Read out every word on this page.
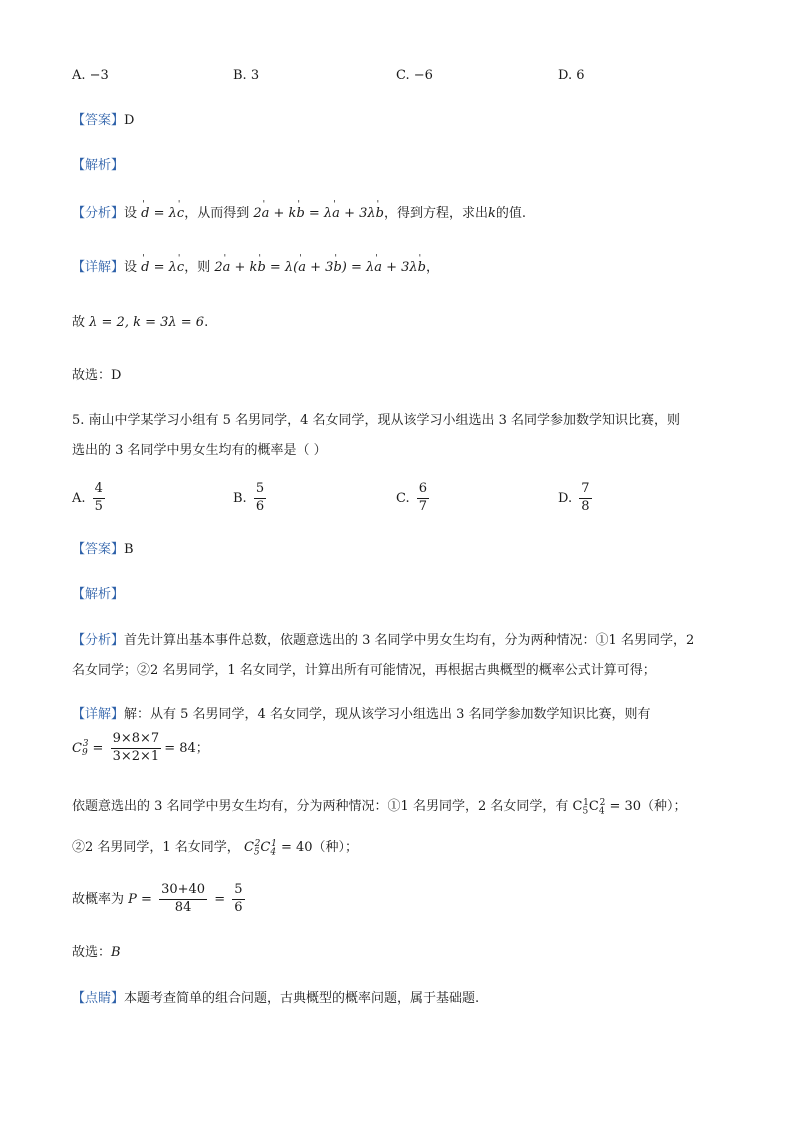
A. −3	B. 3	C. −6	D. 6
【答案】D
【解析】
【分析】设 ' d = λ' c，从而得到 2' a + k' b = λ' a + 3λ' b，得到方程，求出k的值.
【详解】设 ' d = λ' c，则 2' a + k' b = λ(' a + 3' b) = λ' a + 3λ' b，
故 λ = 2, k = 3λ = 6.
故选：D
5. 南山中学某学习小组有 5 名男同学，4 名女同学，现从该学习小组选出 3 名同学参加数学知识比赛，则
选出的 3 名同学中男女生均有的概率是（ ）
A. $\frac{4}{5}$	B. $\frac{5}{6}$	C. $\frac{6}{7}$	D. $\frac{7}{8}$
【答案】B
【解析】
【分析】首先计算出基本事件总数，依题意选出的 3 名同学中男女生均有，分为两种情况：①1 名男同学，2
名女同学；②2 名男同学，1 名女同学，计算出所有可能情况，再根据古典概型的概率公式计算可得；
【详解】解：从有 5 名男同学，4 名女同学，现从该学习小组选出 3 名同学参加数学知识比赛，则有
$C_9^3 = \frac{9\times 8\times 7}{3\times 2\times 1} = 84$；
依题意选出的 3 名同学中男女生均有，分为两种情况：①1 名男同学，2 名女同学，有 $C_5^1C_4^2 = 30$（种）；
②2 名男同学，1 名女同学， $C_5^2C_4^1 = 40$（种）；
故概率为 $P = \frac{30+40}{84} = \frac{5}{6}$
故选：B
【点睛】本题考查简单的组合问题，古典概型的概率问题，属于基础题.
